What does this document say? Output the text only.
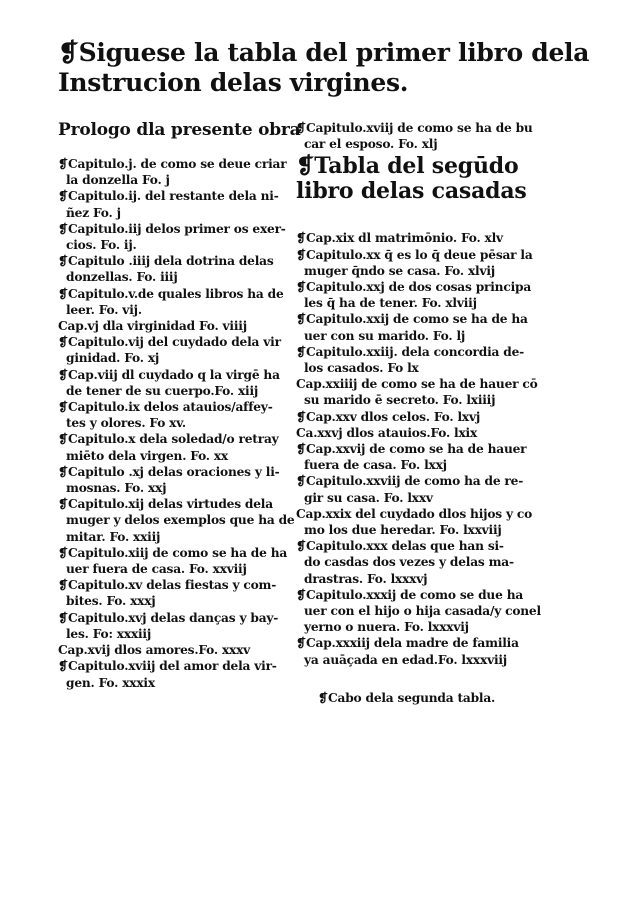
❡Siguese la tabla del primer libro dela
Instrucion delas virgines.
Prologo dla presente obra
❡Capitulo.j. de como se deue criar
la donzella Fo. j
❡Capitulo.ij. del restante dela ni-
ñez Fo. j
❡Capitulo.iij delos primer os exer-
cios. Fo. ij.
❡Capitulo .iiij dela dotrina delas
donzellas. Fo. iiij
❡Capitulo.v.de quales libros ha de
leer. Fo. vij.
Cap.vj dla virginidad Fo. viiij
❡Capitulo.vij del cuydado dela vir
ginidad. Fo. xj
❡Cap.viij dl cuydado q la virgē ha
de tener de su cuerpo.Fo. xiij
❡Capitulo.ix delos atauios/affey-
tes y olores. Fo xv.
❡Capitulo.x dela soledad/o retray
miēto dela virgen. Fo. xx
❡Capitulo .xj delas oraciones y li-
mosnas. Fo. xxj
❡Capitulo.xij delas virtudes dela
muger y delos exemplos que ha de
mitar. Fo. xxiij
❡Capitulo.xiij de como se ha de ha
uer fuera de casa. Fo. xxviij
❡Capitulo.xv delas fiestas y com-
bites. Fo. xxxj
❡Capitulo.xvj delas danças y bay-
les. Fo: xxxiij
Cap.xvij dlos amores.Fo. xxxv
❡Capitulo.xviij del amor dela vir-
gen. Fo. xxxix
❡Capitulo.xviij de como se ha de bu
car el esposo. Fo. xlj
❡Tabla del segūdo
libro delas casadas
❡Cap.xix dl matrimōnio. Fo. xlv
❡Capitulo.xx q̄ es lo q̄ deue pēsar la
muger q̄ndo se casa. Fo. xlvij
❡Capitulo.xxj de dos cosas principa
les q̄ ha de tener. Fo. xlviij
❡Capitulo.xxij de como se ha de ha
uer con su marido. Fo. lj
❡Capitulo.xxiij. dela concordia de-
los casados. Fo lx
Cap.xxiiij de como se ha de hauer cō
su marido ē secreto. Fo. lxiiij
❡Cap.xxv dlos celos. Fo. lxvj
Ca.xxvj dlos atauios.Fo. lxix
❡Cap.xxvij de como se ha de hauer
fuera de casa. Fo. lxxj
❡Capitulo.xxviij de como ha de re-
gir su casa. Fo. lxxv
Cap.xxix del cuydado dlos hijos y co
mo los due heredar. Fo. lxxviij
❡Capitulo.xxx delas que han si-
do casdas dos vezes y delas ma-
drastras. Fo. lxxxvj
❡Capitulo.xxxij de como se due ha
uer con el hijo o hija casada/y conel
yerno o nuera. Fo. lxxxvij
❡Cap.xxxiij dela madre de familia
ya auāçada en edad.Fo. lxxxviij
❡Cabo dela segunda tabla.
